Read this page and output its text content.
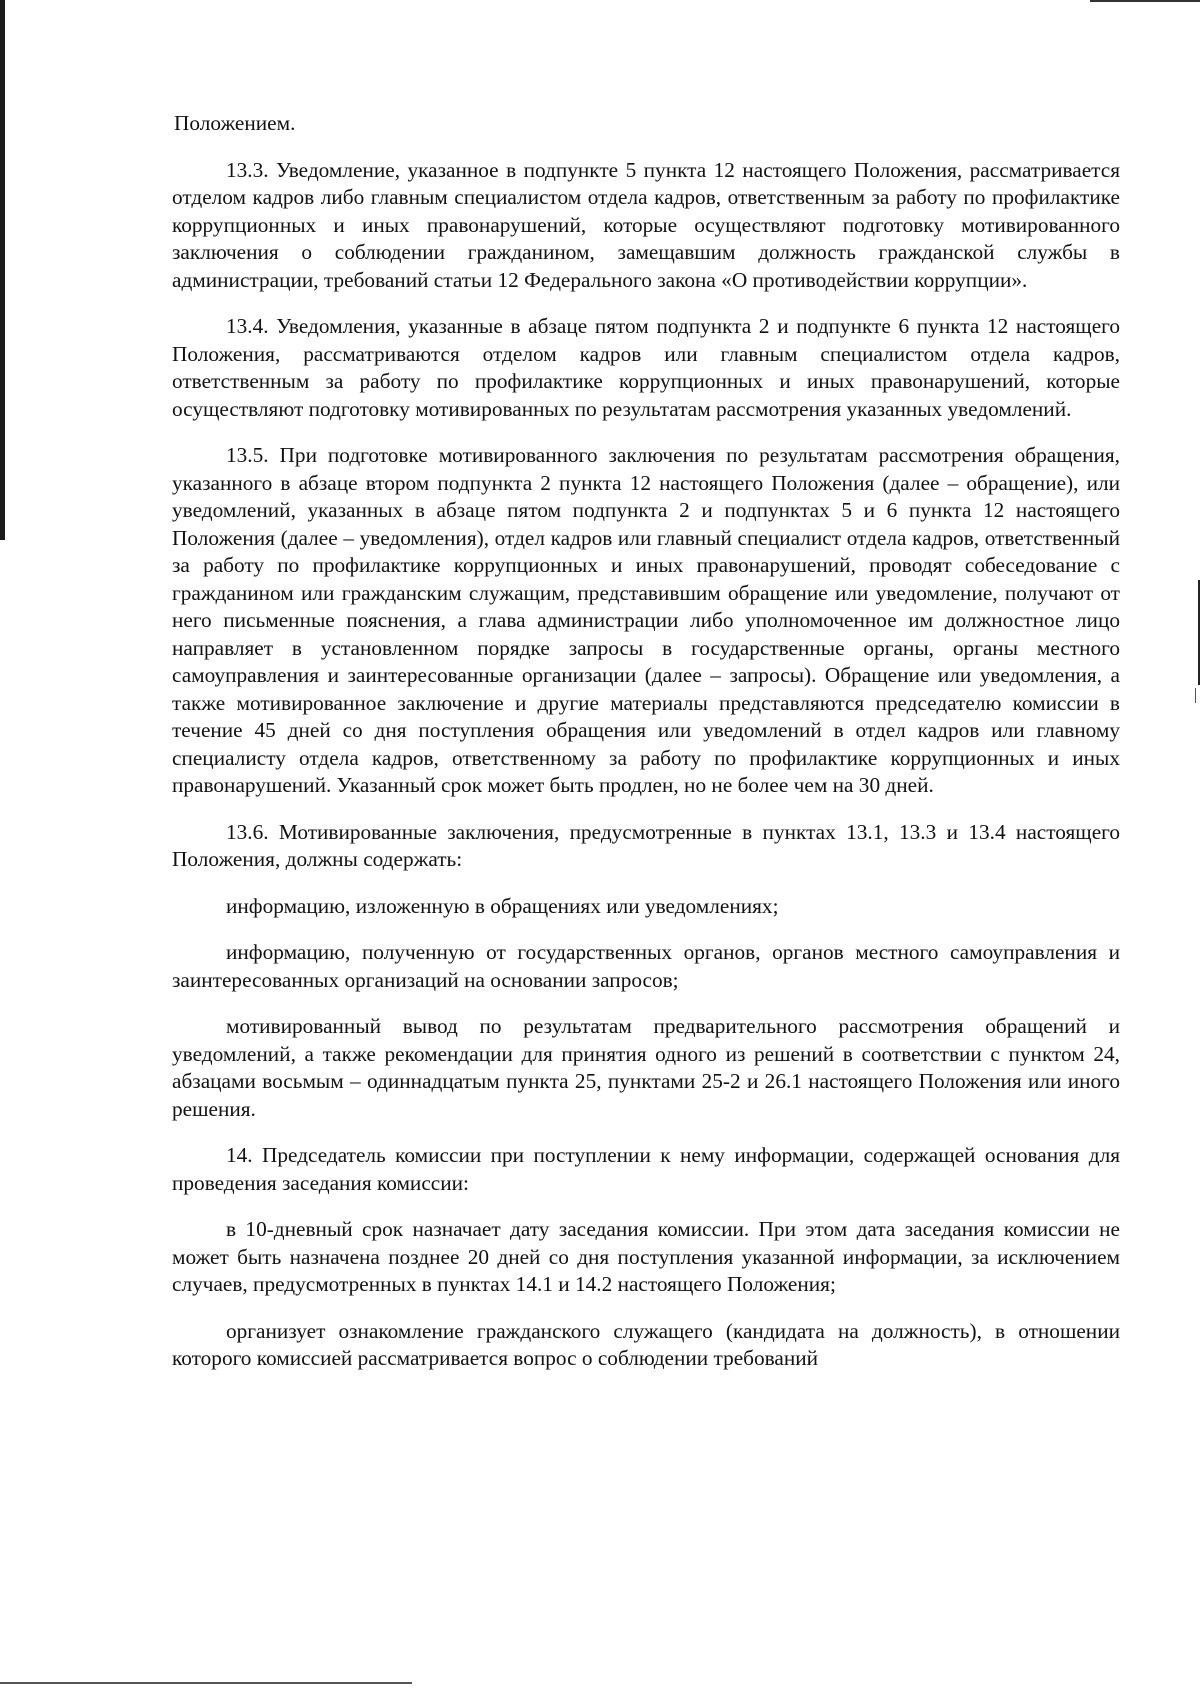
Положением.

13.3. Уведомление, указанное в подпункте 5 пункта 12 настоящего Положения, рассматривается отделом кадров либо главным специалистом отдела кадров, ответственным за работу по профилактике коррупционных и иных правонарушений, которые осуществляют подготовку мотивированного заключения о соблюдении гражданином, замещавшим должность гражданской службы в администрации, требований статьи 12 Федерального закона «О противодействии коррупции».

13.4. Уведомления, указанные в абзаце пятом подпункта 2 и подпункте 6 пункта 12 настоящего Положения, рассматриваются отделом кадров или главным специалистом отдела кадров, ответственным за работу по профилактике коррупционных и иных правонарушений, которые осуществляют подготовку мотивированных по результатам рассмотрения указанных уведомлений.

13.5. При подготовке мотивированного заключения по результатам рассмотрения обращения, указанного в абзаце втором подпункта 2 пункта 12 настоящего Положения (далее – обращение), или уведомлений, указанных в абзаце пятом подпункта 2 и подпунктах 5 и 6 пункта 12 настоящего Положения (далее – уведомления), отдел кадров или главный специалист отдела кадров, ответственный за работу по профилактике коррупционных и иных правонарушений, проводят собеседование с гражданином или гражданским служащим, представившим обращение или уведомление, получают от него письменные пояснения, а глава администрации либо уполномоченное им должностное лицо направляет в установленном порядке запросы в государственные органы, органы местного самоуправления и заинтересованные организации (далее – запросы). Обращение или уведомления, а также мотивированное заключение и другие материалы представляются председателю комиссии в течение 45 дней со дня поступления обращения или уведомлений в отдел кадров или главному специалисту отдела кадров, ответственному за работу по профилактике коррупционных и иных правонарушений. Указанный срок может быть продлен, но не более чем на 30 дней.

13.6. Мотивированные заключения, предусмотренные в пунктах 13.1, 13.3 и 13.4 настоящего Положения, должны содержать:

информацию, изложенную в обращениях или уведомлениях;

информацию, полученную от государственных органов, органов местного самоуправления и заинтересованных организаций на основании запросов;

мотивированный вывод по результатам предварительного рассмотрения обращений и уведомлений, а также рекомендации для принятия одного из решений в соответствии с пунктом 24, абзацами восьмым – одиннадцатым пункта 25, пунктами 25-2 и 26.1 настоящего Положения или иного решения.

14. Председатель комиссии при поступлении к нему информации, содержащей основания для проведения заседания комиссии:

в 10-дневный срок назначает дату заседания комиссии. При этом дата заседания комиссии не может быть назначена позднее 20 дней со дня поступления указанной информации, за исключением случаев, предусмотренных в пунктах 14.1 и 14.2 настоящего Положения;

организует ознакомление гражданского служащего (кандидата на должность), в отношении которого комиссией рассматривается вопрос о соблюдении требований
